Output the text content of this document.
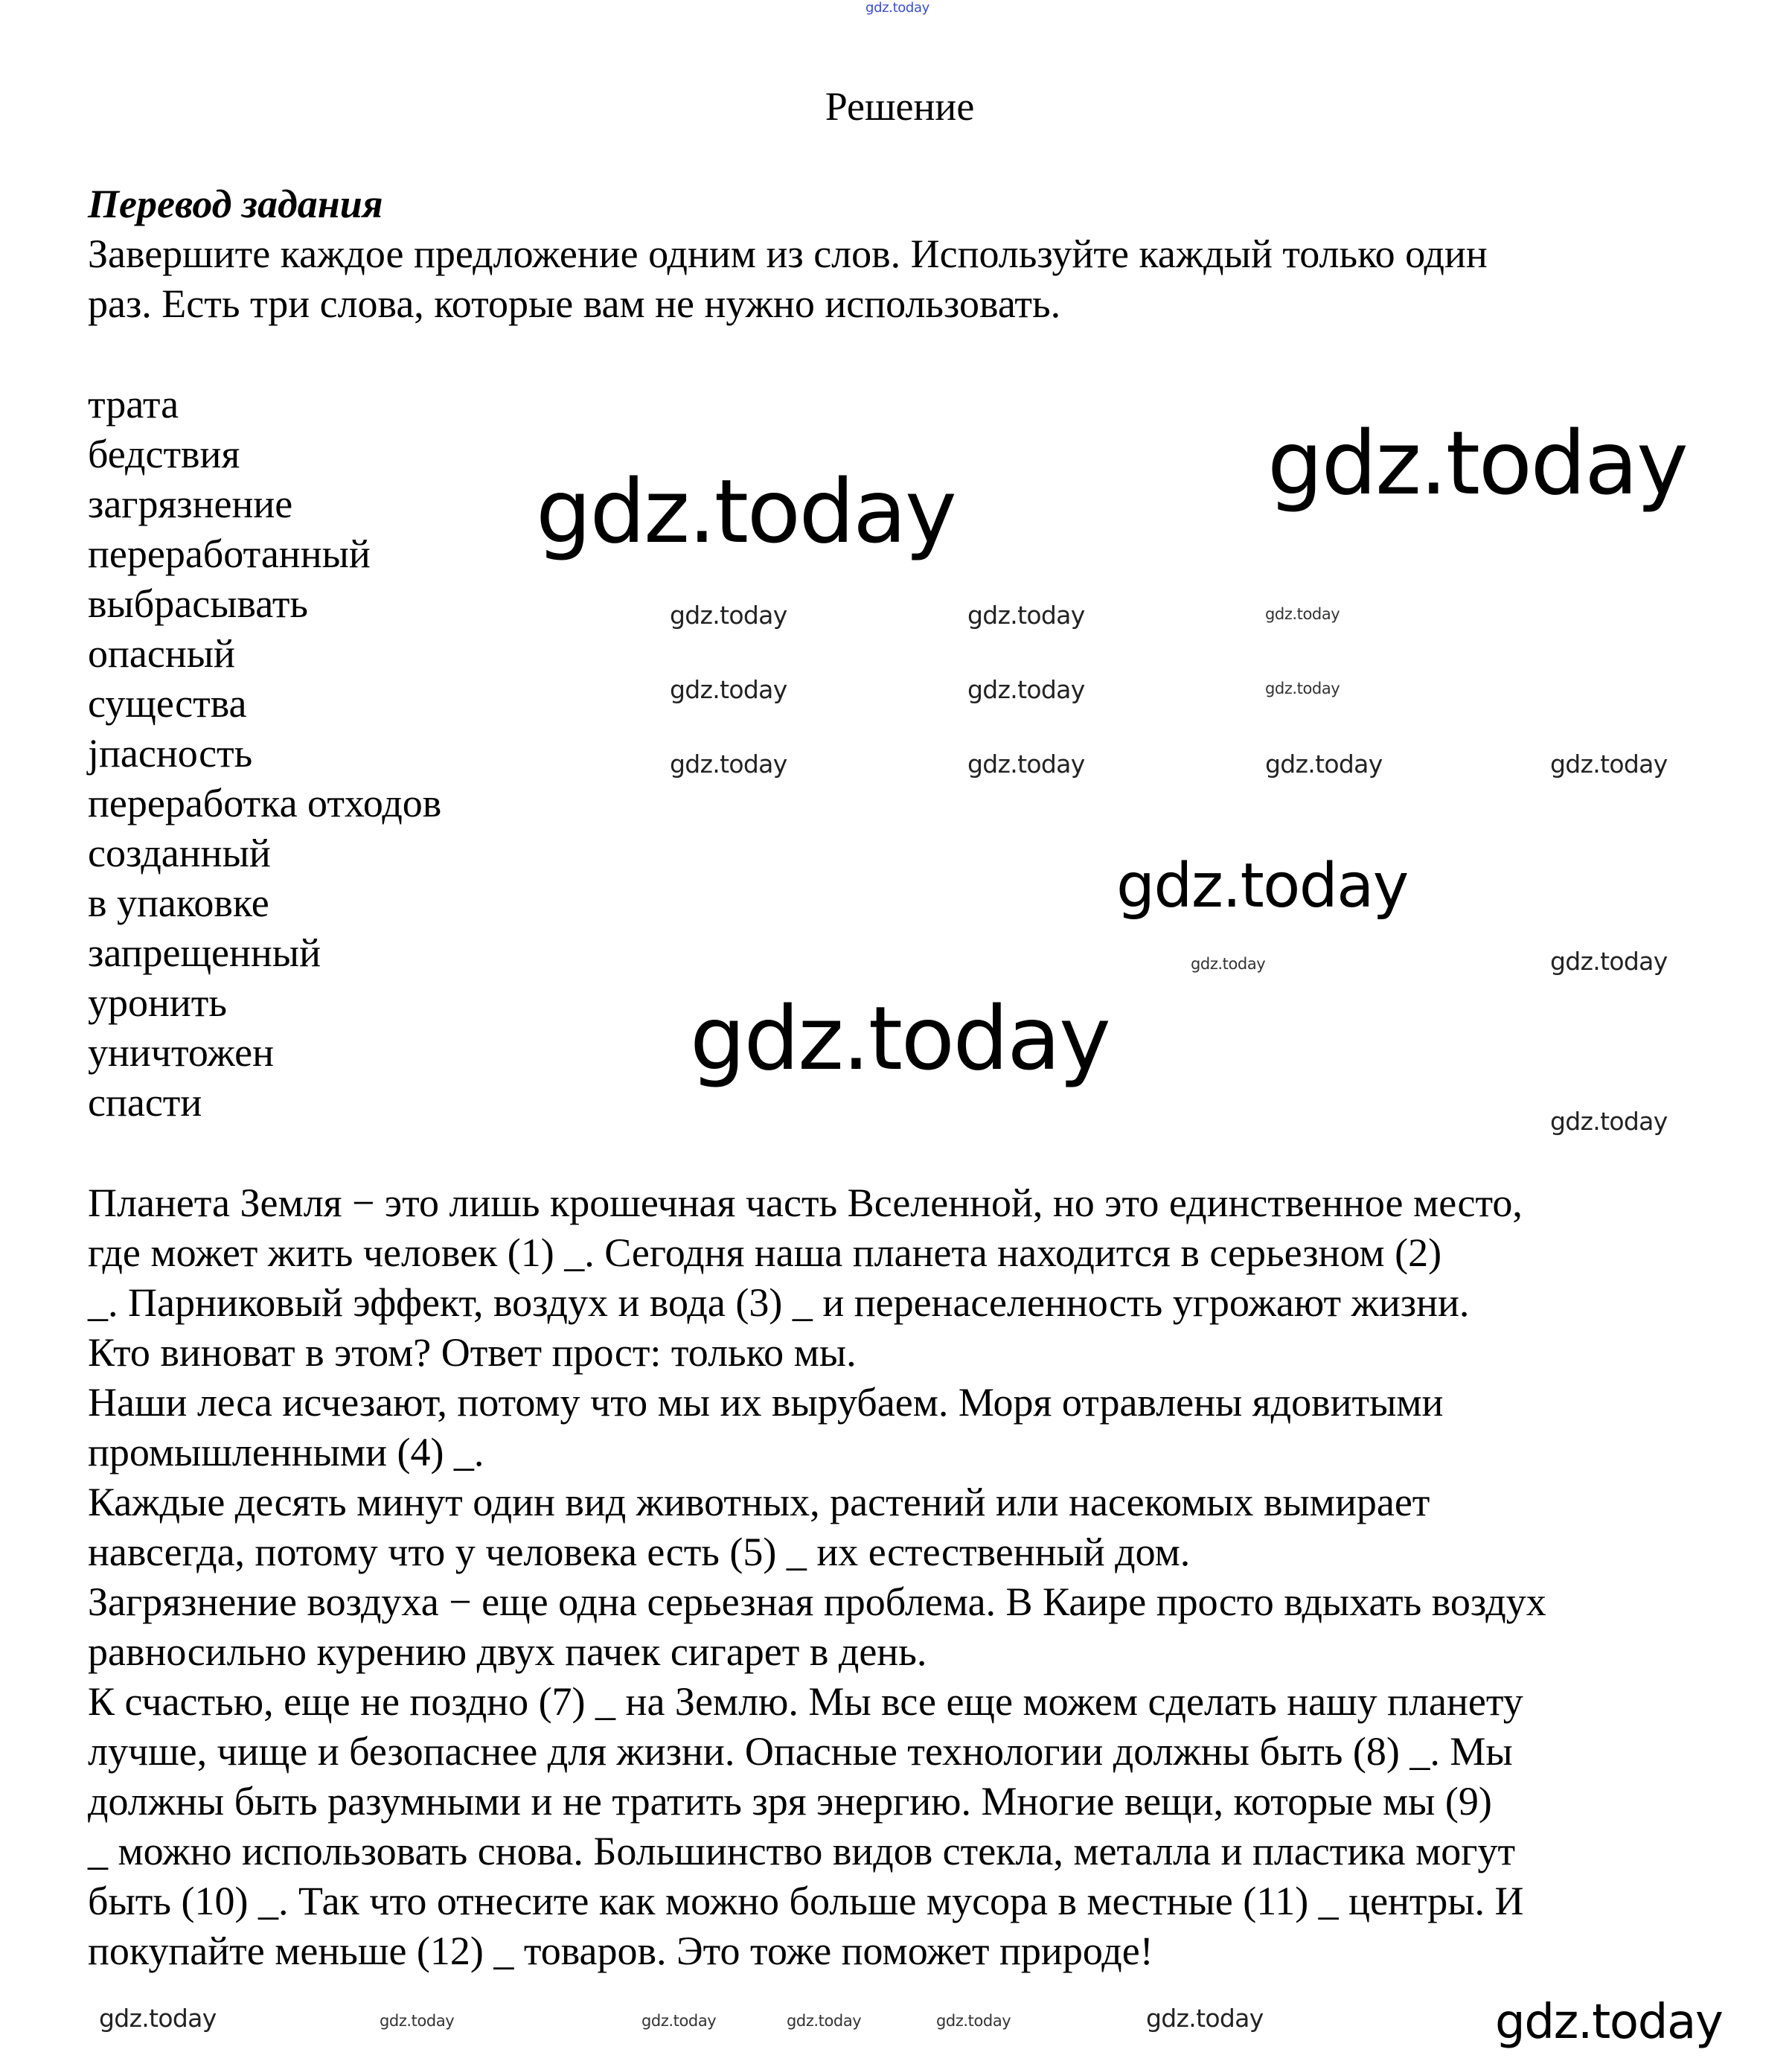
gdz.today
Решение
Перевод задания
Завершите каждое предложение одним из слов. Используйте каждый только один
раз. Есть три слова, которые вам не нужно использовать.
трата
бедствия
загрязнение
переработанный
выбрасывать
опасный
существа
jпасность
переработка отходов
созданный
в упаковке
запрещенный
уронить
уничтожен
спасти
Планета Земля − это лишь крошечная часть Вселенной, но это единственное место,
где может жить человек (1) _. Сегодня наша планета находится в серьезном (2)
_. Парниковый эффект, воздух и вода (3) _ и перенаселенность угрожают жизни.
Кто виноват в этом? Ответ прост: только мы.
Наши леса исчезают, потому что мы их вырубаем. Моря отравлены ядовитыми
промышленными (4) _.
Каждые десять минут один вид животных, растений или насекомых вымирает
навсегда, потому что у человека есть (5) _ их естественный дом.
Загрязнение воздуха − еще одна серьезная проблема. В Каире просто вдыхать воздух
равносильно курению двух пачек сигарет в день.
К счастью, еще не поздно (7) _ на Землю. Мы все еще можем сделать нашу планету
лучше, чище и безопаснее для жизни. Опасные технологии должны быть (8) _. Мы
должны быть разумными и не тратить зря энергию. Многие вещи, которые мы (9)
_ можно использовать снова. Большинство видов стекла, металла и пластика могут
быть (10) _. Так что отнесите как можно больше мусора в местные (11) _ центры. И
покупайте меньше (12) _ товаров. Это тоже поможет природе!
gdz.today	gdz.today
gdz.today
gdz.today
gdz.today
gdz.today
gdz.today
gdz.today
gdz.today	gdz.today	gdz.today
gdz.today	gdz.today	gdz.today
gdz.today	gdz.today	gdz.today	gdz.today
gdz.today	gdz.today	gdz.today	gdz.today	gdz.today	gdz.today
